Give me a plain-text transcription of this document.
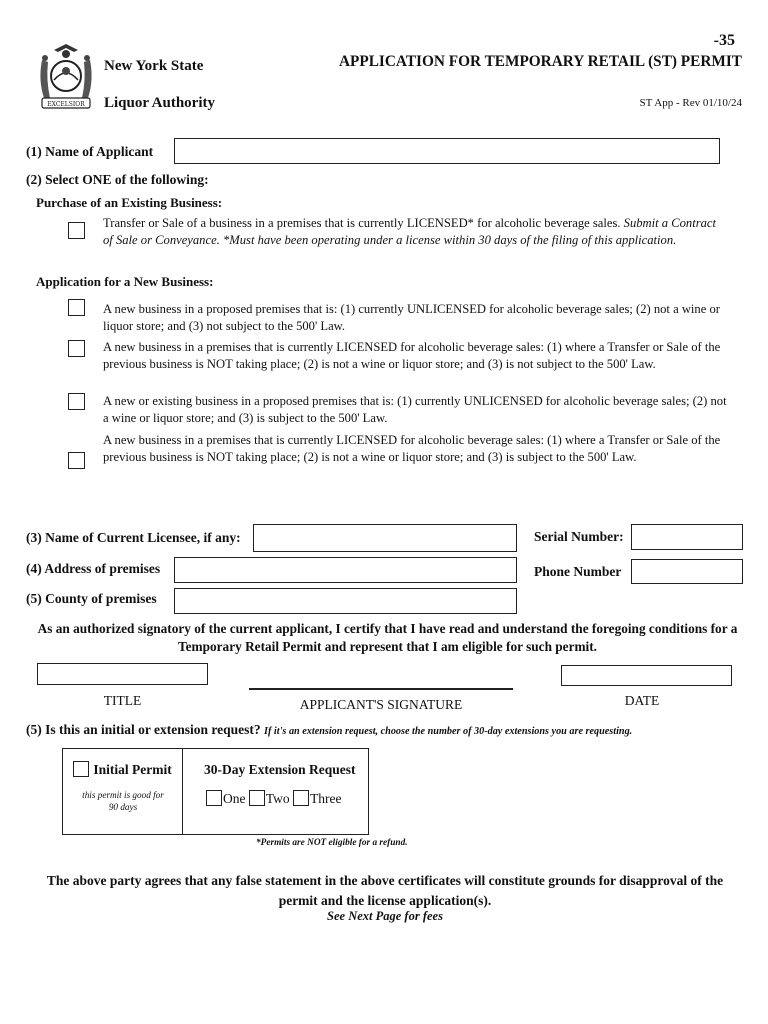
EXCELSIOR
New York State
Liquor Authority
-35
APPLICATION FOR TEMPORARY RETAIL (ST) PERMIT
ST App - Rev 01/10/24
(1) Name of Applicant
(2) Select ONE of the following:
Purchase of an Existing Business:
Transfer or Sale of a business in a premises that is currently LICENSED* for alcoholic beverage sales. Submit a Contract of Sale or Conveyance. *Must have been operating under a license within 30 days of the filing of this application.
Application for a New Business:
A new business in a proposed premises that is: (1) currently UNLICENSED for alcoholic beverage sales; (2) not a wine or liquor store; and (3) not subject to the 500' Law.
A new business in a premises that is currently LICENSED for alcoholic beverage sales: (1) where a Transfer or Sale of the previous business is NOT taking place; (2) is not a wine or liquor store; and (3) is not subject to the 500' Law.
A new or existing business in a proposed premises that is: (1) currently UNLICENSED for alcoholic beverage sales; (2) not a wine or liquor store; and (3) is subject to the 500' Law.
A new business in a premises that is currently LICENSED for alcoholic beverage sales: (1) where a Transfer or Sale of the previous business is NOT taking place; (2) is not a wine or liquor store; and (3) is subject to the 500' Law.
(3) Name of Current Licensee, if any:	Serial Number:
(4) Address of premises	Phone Number
(5) County of premises
As an authorized signatory of the current applicant, I certify that I have read and understand the foregoing conditions for a Temporary Retail Permit and represent that I am eligible for such permit.
TITLE	APPLICANT'S SIGNATURE	DATE
(5) Is this an initial or extension request? If it's an extension request, choose the number of 30-day extensions you are requesting.
Initial Permit
this permit is good for 90 days
30-Day Extension Request
One Two Three
*Permits are NOT eligible for a refund.
The above party agrees that any false statement in the above certificates will constitute grounds for disapproval of the permit and the license application(s).
See Next Page for fees
